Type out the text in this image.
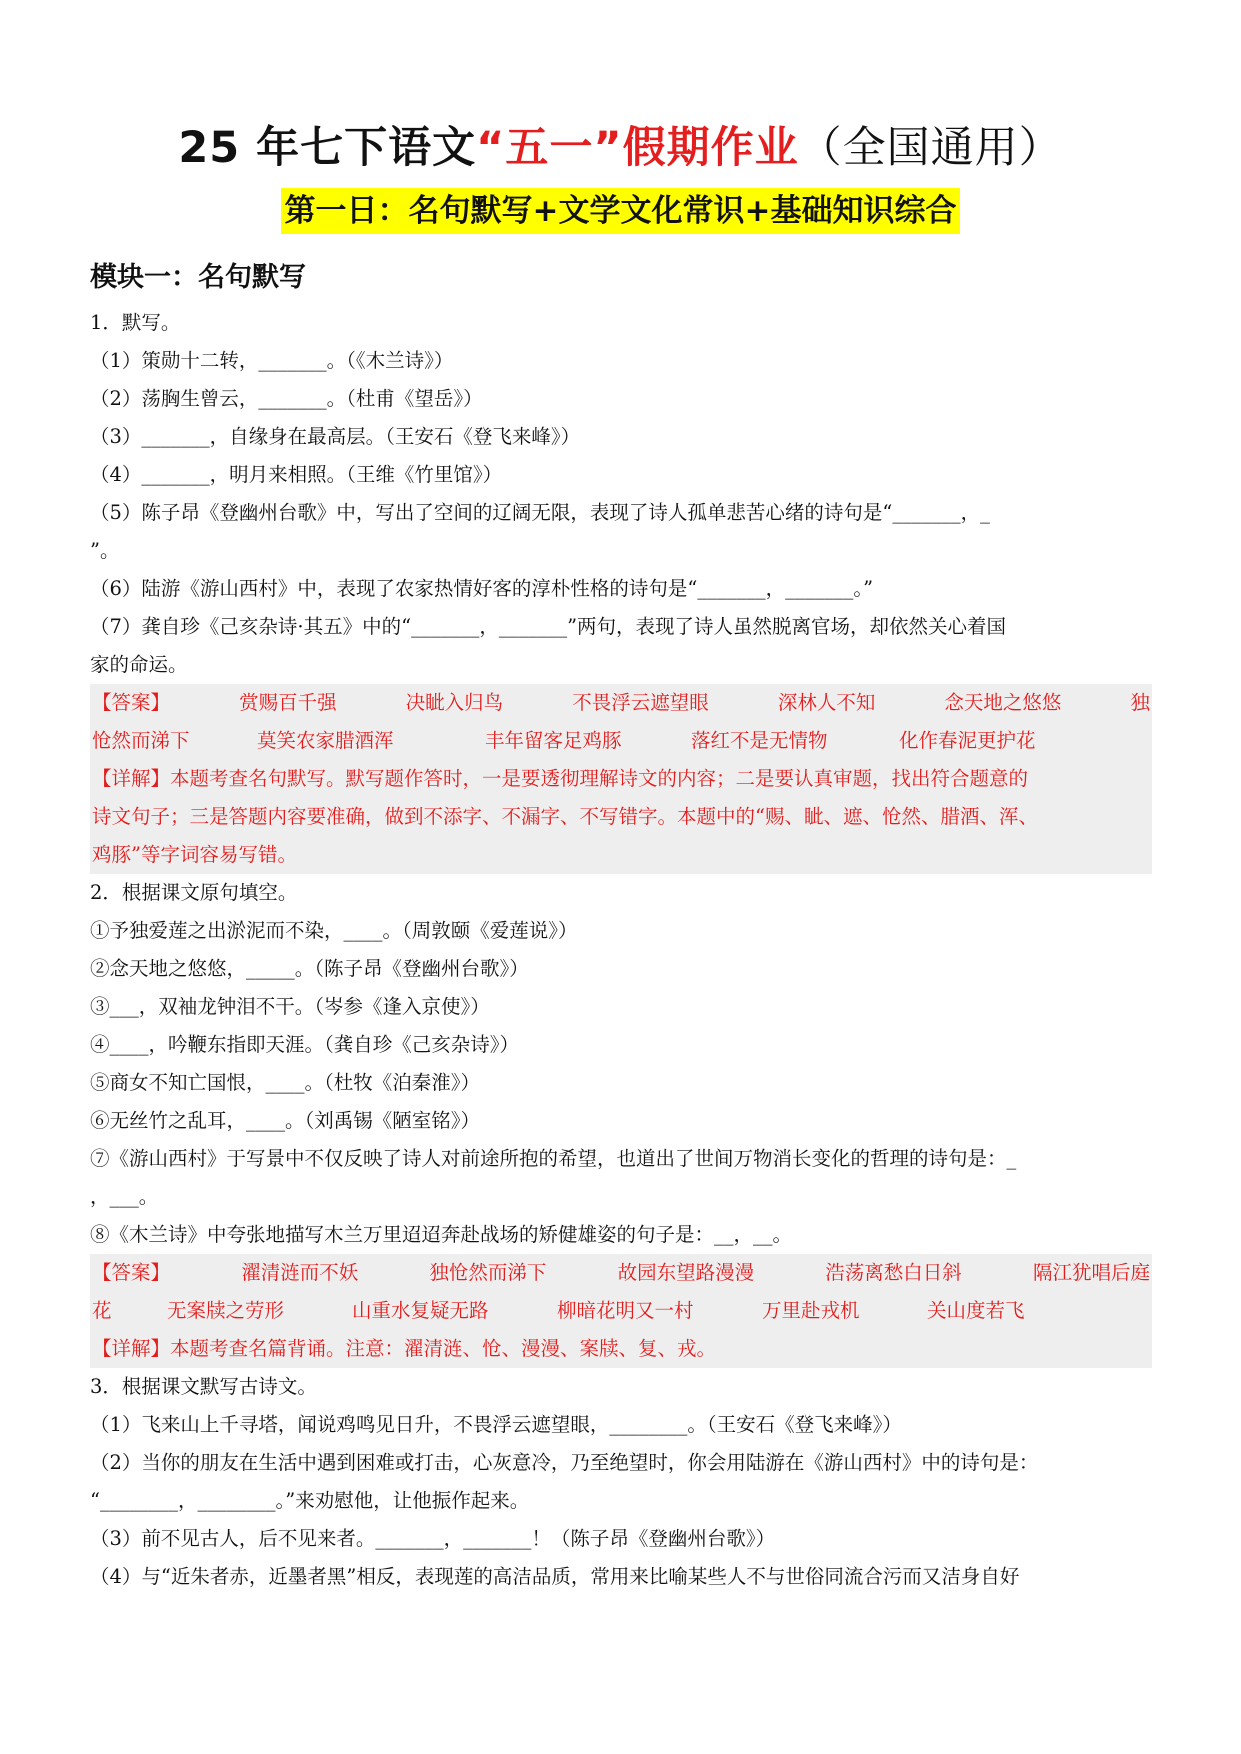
25 年七下语文“五一”假期作业（全国通用）
第一日：名句默写+文学文化常识+基础知识综合
模块一：名句默写

1．默写。

（1）策勋十二转，_______。（《木兰诗》）

（2）荡胸生曾云，_______。（杜甫《望岳》）

（3）_______，自缘身在最高层。（王安石《登飞来峰》）

（4）_______，明月来相照。（王维《竹里馆》）

（5）陈子昂《登幽州台歌》中，写出了空间的辽阔无限，表现了诗人孤单悲苦心绪的诗句是“_______，_

”。

（6）陆游《游山西村》中，表现了农家热情好客的淳朴性格的诗句是“_______，_______。”

（7）龚自珍《己亥杂诗·其五》中的“_______，_______”两句，表现了诗人虽然脱离官场，却依然关心着国

家的命运。

【答案】	赏赐百千强	决眦入归鸟	不畏浮云遮望眼	深林人不知	念天地之悠悠	独
怆然而涕下	莫笑农家腊酒浑	丰年留客足鸡豚	落红不是无情物	化作春泥更护花
【详解】本题考查名句默写。默写题作答时，一是要透彻理解诗文的内容；二是要认真审题，找出符合题意的
诗文句子；三是答题内容要准确，做到不添字、不漏字、不写错字。本题中的“赐、眦、遮、怆然、腊酒、浑、
鸡豚”等字词容易写错。

2．根据课文原句填空。

①予独爱莲之出淤泥而不染，____。（周敦颐《爱莲说》）

②念天地之悠悠，_____。（陈子昂《登幽州台歌》）

③___，双袖龙钟泪不干。（岑参《逢入京使》）

④____，吟鞭东指即天涯。（龚自珍《己亥杂诗》）

⑤商女不知亡国恨，____。（杜牧《泊秦淮》）

⑥无丝竹之乱耳，____。（刘禹锡《陋室铭》）

⑦《游山西村》于写景中不仅反映了诗人对前途所抱的希望，也道出了世间万物消长变化的哲理的诗句是：_

，___。

⑧《木兰诗》中夸张地描写木兰万里迢迢奔赴战场的矫健雄姿的句子是：__，__。

【答案】	濯清涟而不妖	独怆然而涕下	故园东望路漫漫	浩荡离愁白日斜	隔江犹唱后庭
花	无案牍之劳形	山重水复疑无路	柳暗花明又一村	万里赴戎机	关山度若飞
【详解】本题考查名篇背诵。注意：濯清涟、怆、漫漫、案牍、复、戎。

3．根据课文默写古诗文。

（1）飞来山上千寻塔，闻说鸡鸣见日升，不畏浮云遮望眼，________。（王安石《登飞来峰》）

（2）当你的朋友在生活中遇到困难或打击，心灰意冷，乃至绝望时，你会用陆游在《游山西村》中的诗句是：

“________，________。”来劝慰他，让他振作起来。

（3）前不见古人，后不见来者。_______，_______！（陈子昂《登幽州台歌》）

（4）与“近朱者赤，近墨者黑”相反，表现莲的高洁品质，常用来比喻某些人不与世俗同流合污而又洁身自好
